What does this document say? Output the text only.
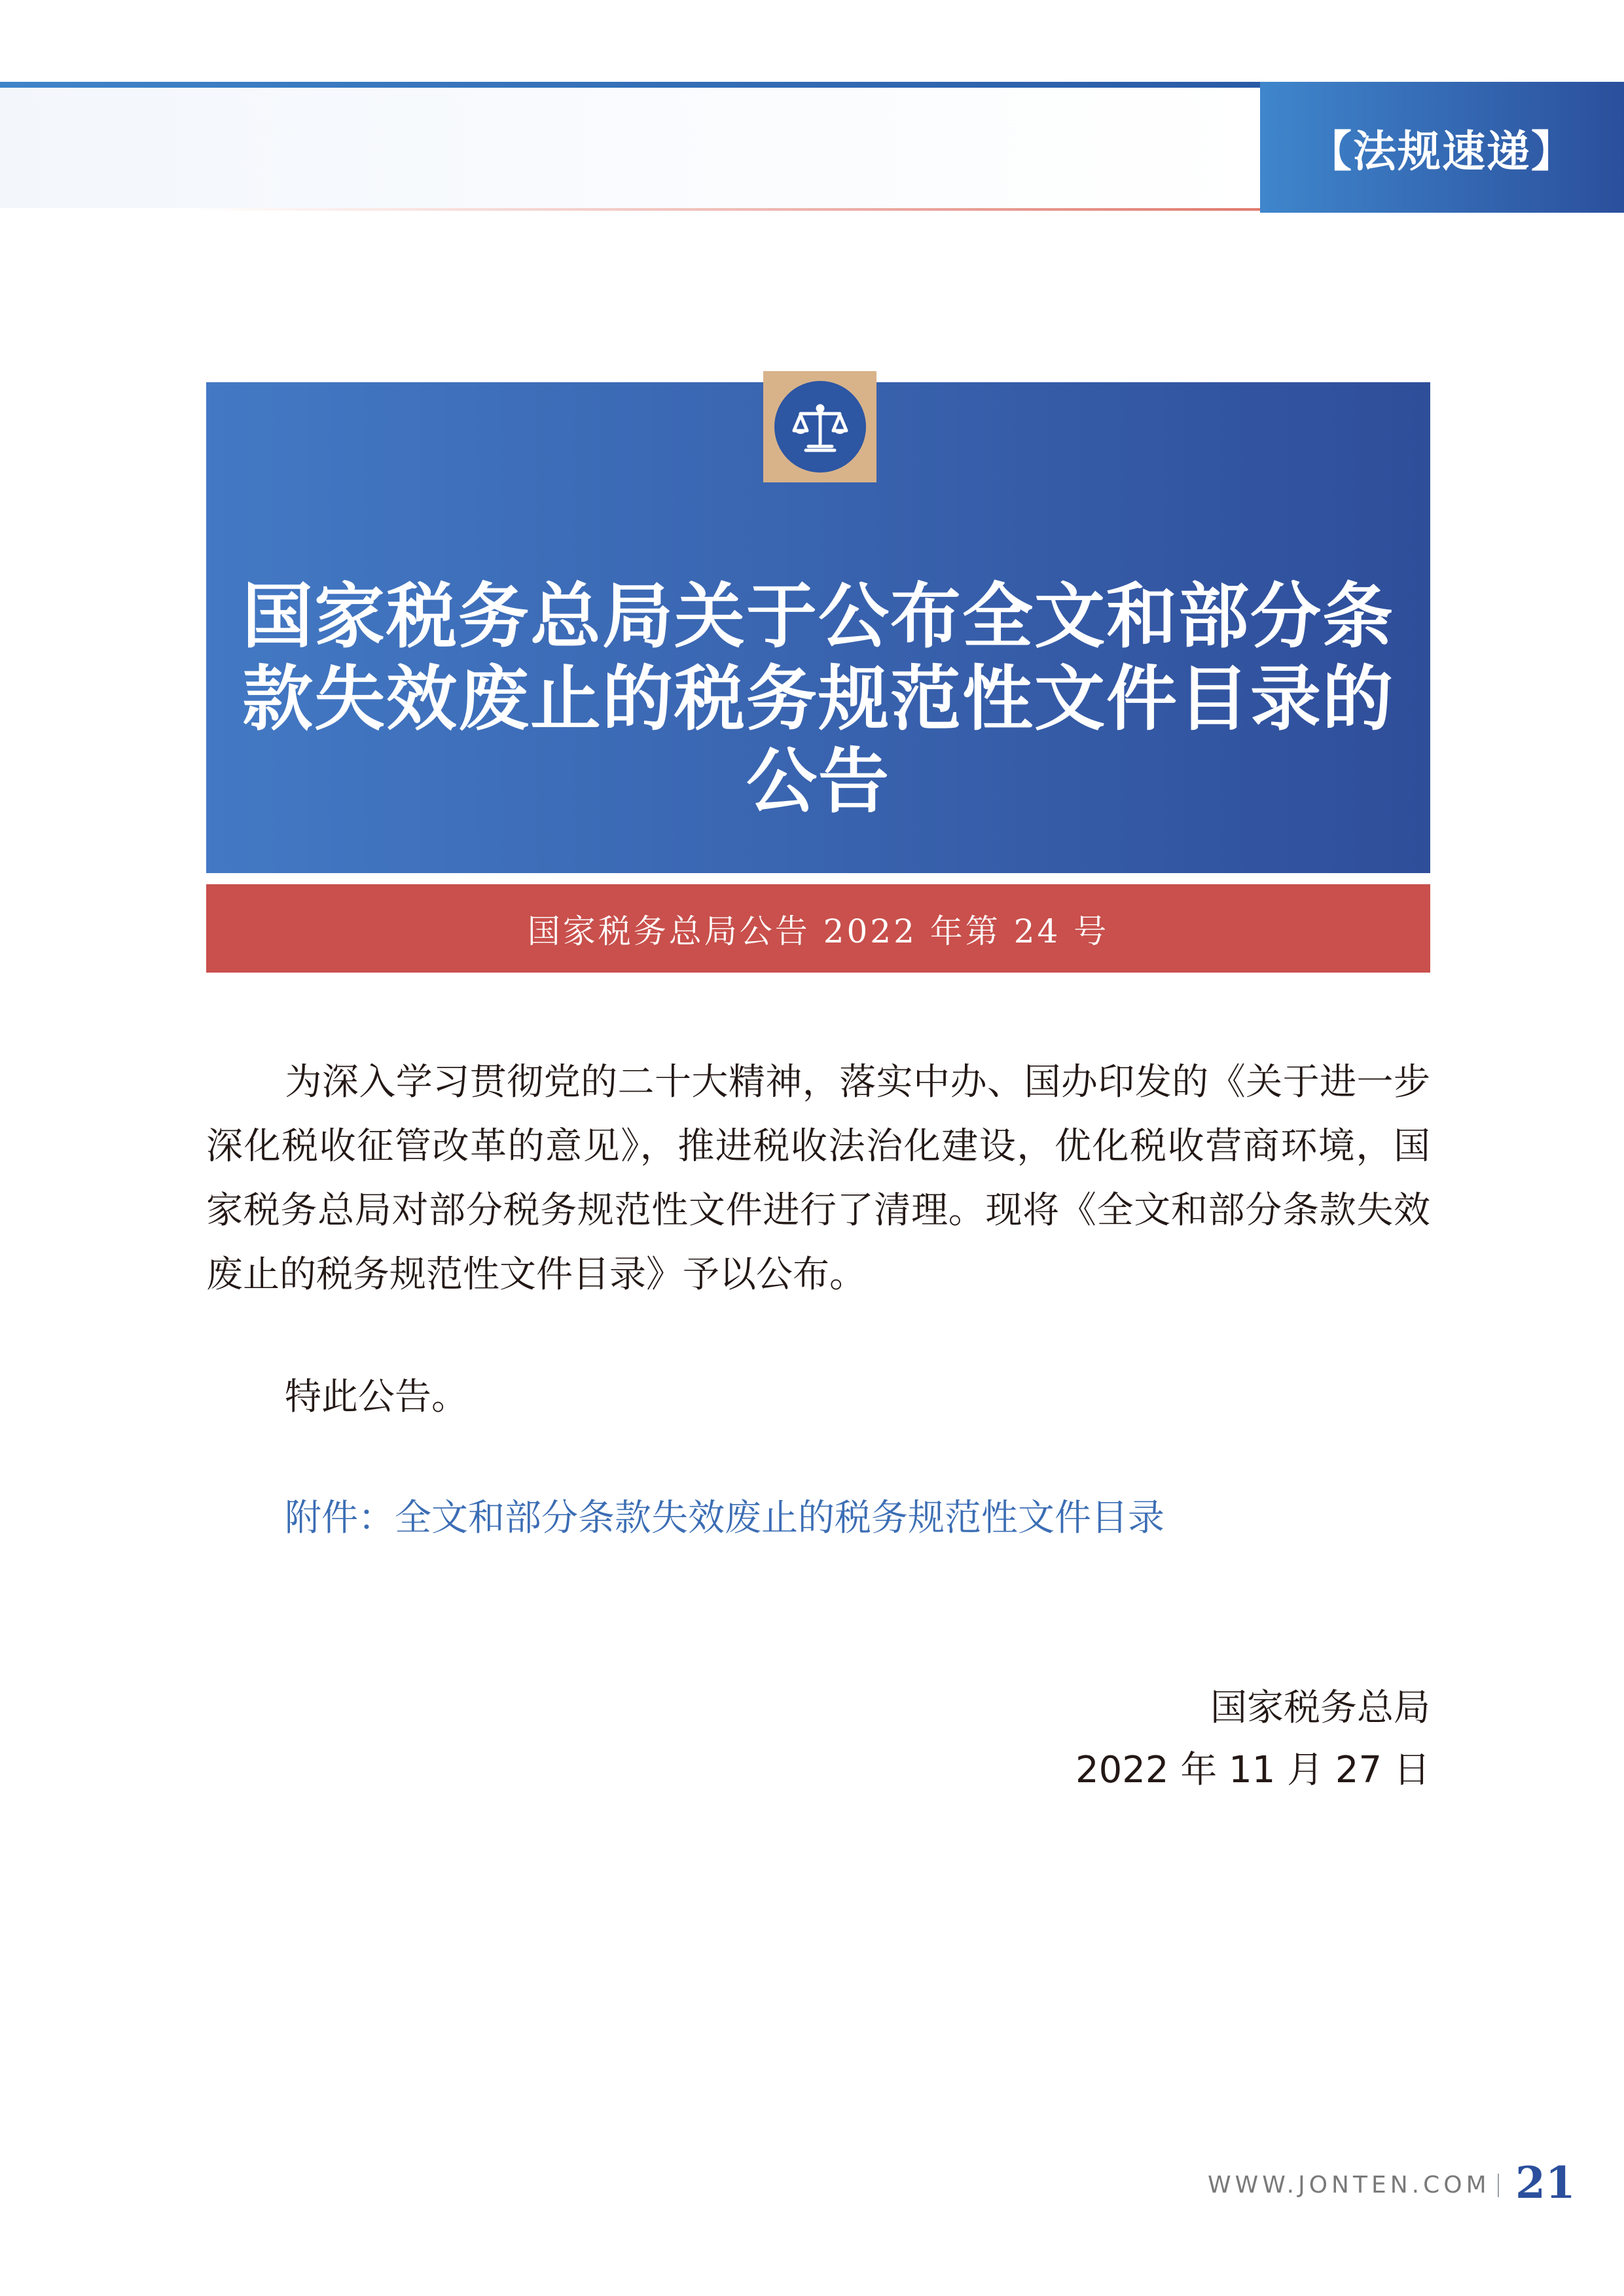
【法规速递】
国家税务总局关于公布全文和部分条
款失效废止的税务规范性文件目录的
公告
国家税务总局公告 2022 年第 24 号
为深入学习贯彻党的二十大精神，落实中办、国办印发的《关于进一步深化税收征管改革的意见》，推进税收法治化建设，优化税收营商环境，国家税务总局对部分税务规范性文件进行了清理。现将《全文和部分条款失效废止的税务规范性文件目录》予以公布。
特此公告。
附件：全文和部分条款失效废止的税务规范性文件目录
国家税务总局
2022 年 11 月 27 日
WWW.JONTEN.COM 21
